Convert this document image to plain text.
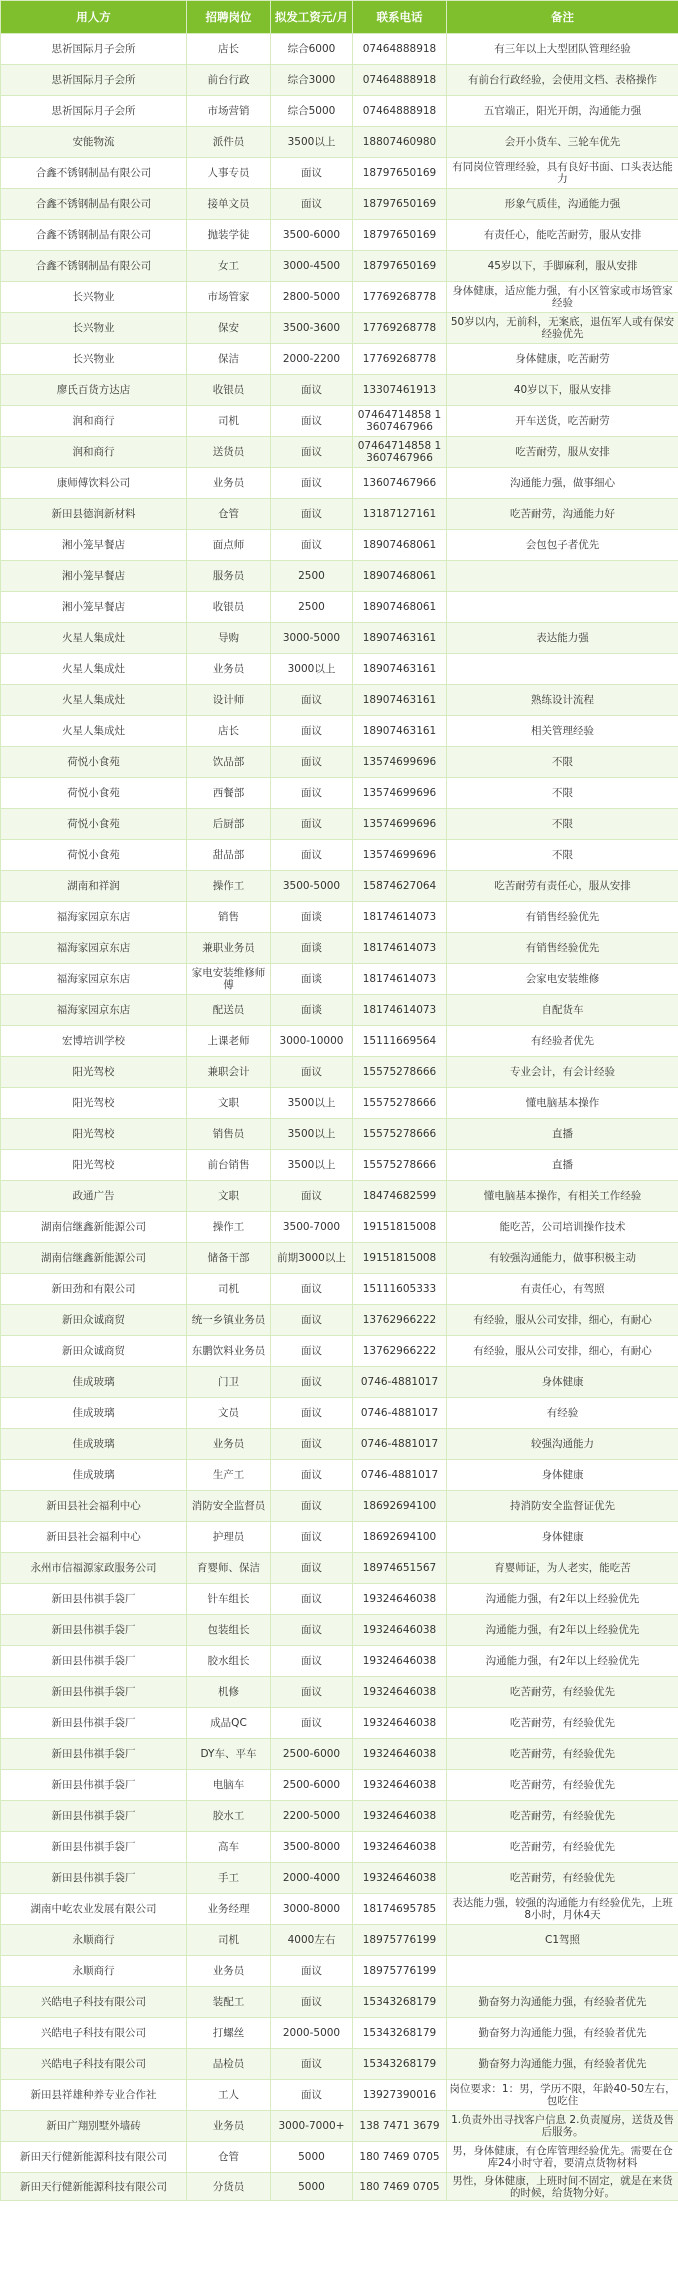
用人方	招聘岗位	拟发工资元/月	联系电话	备注
思祈国际月子会所	店长	综合6000	07464888918	有三年以上大型团队管理经验
思祈国际月子会所	前台行政	综合3000	07464888918	有前台行政经验，会使用文档、表格操作
思祈国际月子会所	市场营销	综合5000	07464888918	五官端正，阳光开朗，沟通能力强
安能物流	派件员	3500以上	18807460980	会开小货车、三轮车优先
合鑫不锈钢制品有限公司	人事专员	面议	18797650169	有同岗位管理经验，具有良好书面、口头表达能力
合鑫不锈钢制品有限公司	接单文员	面议	18797650169	形象气质佳，沟通能力强
合鑫不锈钢制品有限公司	抛装学徒	3500-6000	18797650169	有责任心，能吃苦耐劳，服从安排
合鑫不锈钢制品有限公司	女工	3000-4500	18797650169	45岁以下，手脚麻利，服从安排
长兴物业	市场管家	2800-5000	17769268778	身体健康，适应能力强，有小区管家或市场管家经验
长兴物业	保安	3500-3600	17769268778	50岁以内，无前科，无案底，退伍军人或有保安经验优先
长兴物业	保洁	2000-2200	17769268778	身体健康，吃苦耐劳
廖氏百货方达店	收银员	面议	13307461913	40岁以下，服从安排
润和商行	司机	面议	07464714858 13607467966	开车送货，吃苦耐劳
润和商行	送货员	面议	07464714858 13607467966	吃苦耐劳，服从安排
康师傅饮料公司	业务员	面议	13607467966	沟通能力强，做事细心
新田县德润新材料	仓管	面议	13187127161	吃苦耐劳，沟通能力好
湘小笼早餐店	面点师	面议	18907468061	会包包子者优先
湘小笼早餐店	服务员	2500	18907468061	
湘小笼早餐店	收银员	2500	18907468061	
火星人集成灶	导购	3000-5000	18907463161	表达能力强
火星人集成灶	业务员	3000以上	18907463161	
火星人集成灶	设计师	面议	18907463161	熟练设计流程
火星人集成灶	店长	面议	18907463161	相关管理经验
荷悦小食苑	饮品部	面议	13574699696	不限
荷悦小食苑	西餐部	面议	13574699696	不限
荷悦小食苑	后厨部	面议	13574699696	不限
荷悦小食苑	甜品部	面议	13574699696	不限
湖南和祥润	操作工	3500-5000	15874627064	吃苦耐劳有责任心，服从安排
福海家园京东店	销售	面谈	18174614073	有销售经验优先
福海家园京东店	兼职业务员	面谈	18174614073	有销售经验优先
福海家园京东店	家电安装维修师傅	面谈	18174614073	会家电安装维修
福海家园京东店	配送员	面谈	18174614073	自配货车
宏博培训学校	上课老师	3000-10000	15111669564	有经验者优先
阳光驾校	兼职会计	面议	15575278666	专业会计，有会计经验
阳光驾校	文职	3500以上	15575278666	懂电脑基本操作
阳光驾校	销售员	3500以上	15575278666	直播
阳光驾校	前台销售	3500以上	15575278666	直播
政通广告	文职	面议	18474682599	懂电脑基本操作，有相关工作经验
湖南信继鑫新能源公司	操作工	3500-7000	19151815008	能吃苦，公司培训操作技术
湖南信继鑫新能源公司	储备干部	前期3000以上	19151815008	有较强沟通能力，做事积极主动
新田劲和有限公司	司机	面议	15111605333	有责任心，有驾照
新田众诚商贸	统一乡镇业务员	面议	13762966222	有经验，服从公司安排，细心，有耐心
新田众诚商贸	东鹏饮料业务员	面议	13762966222	有经验，服从公司安排，细心，有耐心
佳成玻璃	门卫	面议	0746-4881017	身体健康
佳成玻璃	文员	面议	0746-4881017	有经验
佳成玻璃	业务员	面议	0746-4881017	较强沟通能力
佳成玻璃	生产工	面议	0746-4881017	身体健康
新田县社会福利中心	消防安全监督员	面议	18692694100	持消防安全监督证优先
新田县社会福利中心	护理员	面议	18692694100	身体健康
永州市信福源家政服务公司	育婴师、保洁	面议	18974651567	育婴师证，为人老实，能吃苦
新田县伟祺手袋厂	针车组长	面议	19324646038	沟通能力强，有2年以上经验优先
新田县伟祺手袋厂	包装组长	面议	19324646038	沟通能力强，有2年以上经验优先
新田县伟祺手袋厂	胶水组长	面议	19324646038	沟通能力强，有2年以上经验优先
新田县伟祺手袋厂	机修	面议	19324646038	吃苦耐劳，有经验优先
新田县伟祺手袋厂	成品QC	面议	19324646038	吃苦耐劳，有经验优先
新田县伟祺手袋厂	DY车、平车	2500-6000	19324646038	吃苦耐劳，有经验优先
新田县伟祺手袋厂	电脑车	2500-6000	19324646038	吃苦耐劳，有经验优先
新田县伟祺手袋厂	胶水工	2200-5000	19324646038	吃苦耐劳，有经验优先
新田县伟祺手袋厂	高车	3500-8000	19324646038	吃苦耐劳，有经验优先
新田县伟祺手袋厂	手工	2000-4000	19324646038	吃苦耐劳，有经验优先
湖南中屹农业发展有限公司	业务经理	3000-8000	18174695785	表达能力强，较强的沟通能力有经验优先，上班8小时，月休4天
永顺商行	司机	4000左右	18975776199	C1驾照
永顺商行	业务员	面议	18975776199	
兴皓电子科技有限公司	装配工	面议	15343268179	勤奋努力沟通能力强，有经验者优先
兴皓电子科技有限公司	打螺丝	2000-5000	15343268179	勤奋努力沟通能力强，有经验者优先
兴皓电子科技有限公司	品检员	面议	15343268179	勤奋努力沟通能力强，有经验者优先
新田县祥雄种养专业合作社	工人	面议	13927390016	岗位要求：1：男，学历不限，年龄40-50左右，包吃住
新田广翔别墅外墙砖	业务员	3000-7000+	138 7471 3679	1.负责外出寻找客户信息 2.负责厦房，送货及售后服务。
新田天行健新能源科技有限公司	仓管	5000	180 7469 0705	男，身体健康，有仓库管理经验优先。需要在仓库24小时守着，要清点货物材料
新田天行健新能源科技有限公司	分货员	5000	180 7469 0705	男性，身体健康，上班时间不固定，就是在来货的时候，给货物分好。
